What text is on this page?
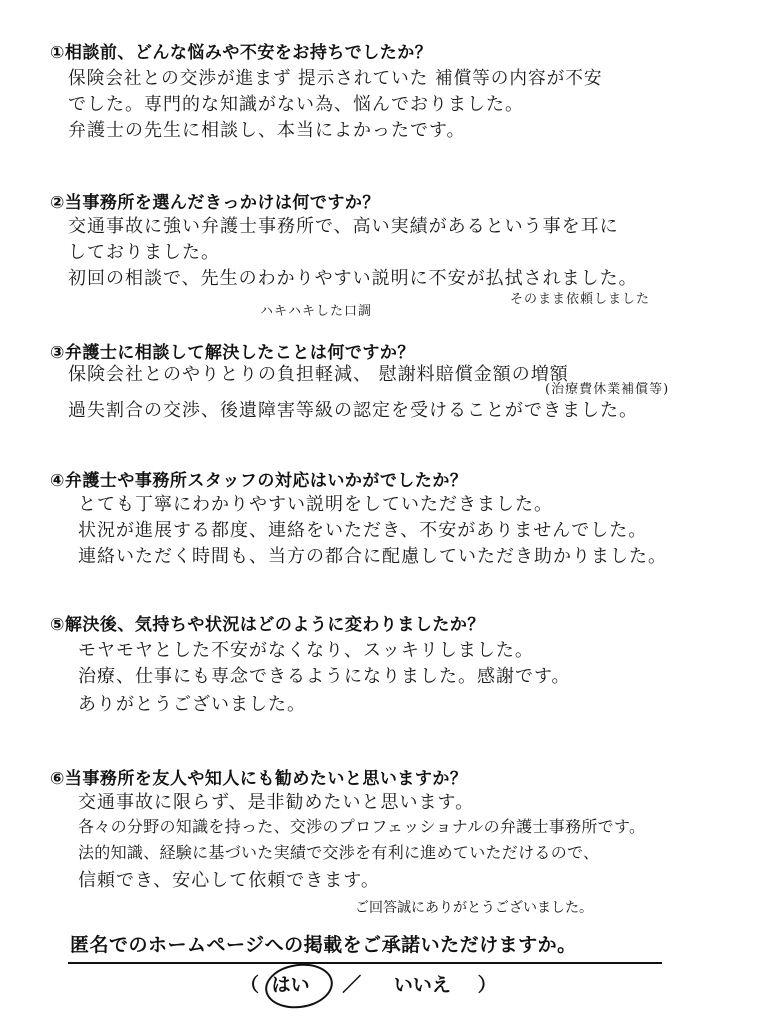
①相談前、どんな悩みや不安をお持ちでしたか？
保険会社との交渉が進まず 提示されていた 補償等の内容が不安
でした。専門的な知識がない為、悩んでおりました。
弁護士の先生に相談し、本当によかったです。
②当事務所を選んだきっかけは何ですか？
交通事故に強い弁護士事務所で、高い実績があるという事を耳に
しておりました。
初回の相談で、先生のわかりやすい説明に不安が払拭されました。
ハキハキした口調
そのまま依頼しました
③弁護士に相談して解決したことは何ですか？
保険会社とのやりとりの負担軽減、 慰謝料賠償金額の増額
(治療費休業補償等)
過失割合の交渉、後遺障害等級の認定を受けることができました。
④弁護士や事務所スタッフの対応はいかがでしたか？
とても丁寧にわかりやすい説明をしていただきました。
状況が進展する都度、連絡をいただき、不安がありませんでした。
連絡いただく時間も、当方の都合に配慮していただき助かりました。
⑤解決後、気持ちや状況はどのように変わりましたか？
モヤモヤとした不安がなくなり、スッキリしました。
治療、仕事にも専念できるようになりました。感謝です。
ありがとうございました。
⑥当事務所を友人や知人にも勧めたいと思いますか？
交通事故に限らず、是非勧めたいと思います。
各々の分野の知識を持った、交渉のプロフェッショナルの弁護士事務所です。
法的知識、経験に基づいた実績で交渉を有利に進めていただけるので、
信頼でき、安心して依頼できます。
ご回答誠にありがとうございました。
匿名でのホームページへの掲載をご承諾いただけますか。
（ はい ／ いいえ ）
